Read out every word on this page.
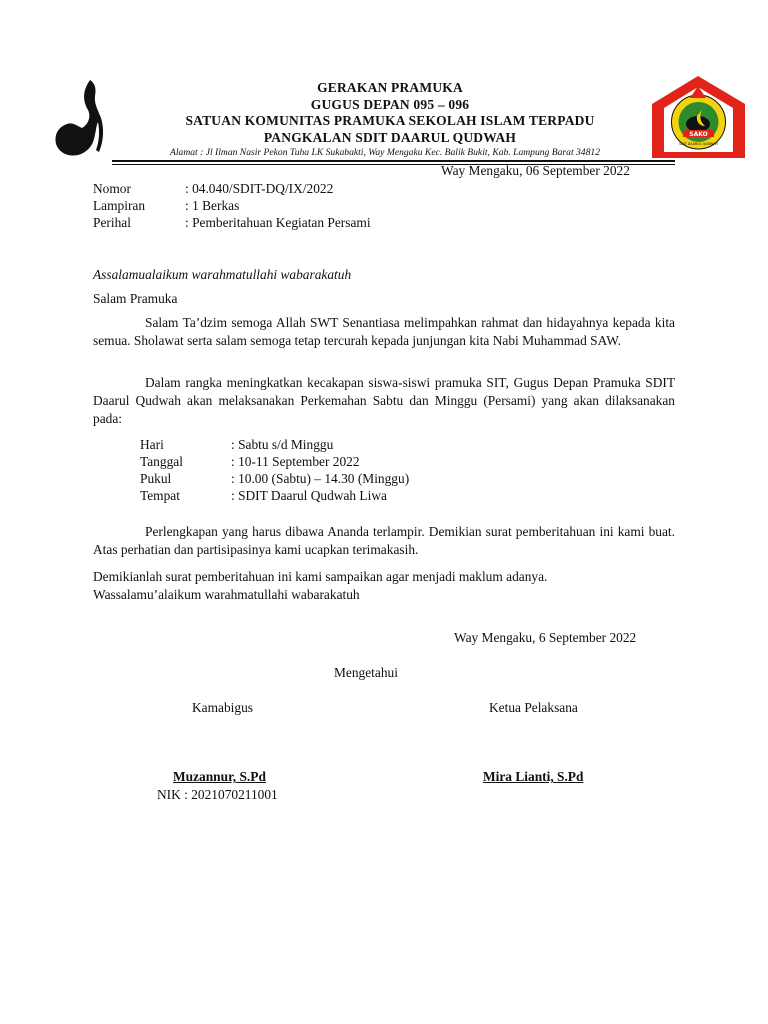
SAKO
SDIT DAARUL QUDWAH
GERAKAN PRAMUKA
GUGUS DEPAN 095 – 096
SATUAN KOMUNITAS PRAMUKA SEKOLAH ISLAM TERPADU
PANGKALAN SDIT DAARUL QUDWAH
Alamat : Jl Ilman Nasir Pekon Tuha LK Sukabakti, Way Mengaku Kec. Balik Bukit, Kab. Lampung Barat 34812
Way Mengaku, 06 September 2022
Nomor	: 04.040/SDIT-DQ/IX/2022
Lampiran	: 1 Berkas
Perihal	: Pemberitahuan Kegiatan Persami
Assalamualaikum warahmatullahi wabarakatuh
Salam Pramuka
Salam Ta’dzim semoga Allah SWT Senantiasa melimpahkan rahmat dan hidayahnya kepada kita semua. Sholawat serta salam semoga tetap tercurah kepada junjungan kita Nabi Muhammad SAW.
Dalam rangka meningkatkan kecakapan siswa-siswi pramuka SIT, Gugus Depan Pramuka SDIT Daarul Qudwah akan melaksanakan Perkemahan Sabtu dan Minggu (Persami) yang akan dilaksanakan pada:
Hari	: Sabtu s/d Minggu
Tanggal	: 10-11 September 2022
Pukul	: 10.00 (Sabtu) – 14.30 (Minggu)
Tempat	: SDIT Daarul Qudwah Liwa
Perlengkapan yang harus dibawa Ananda terlampir. Demikian surat pemberitahuan ini kami buat. Atas perhatian dan partisipasinya kami ucapkan terimakasih.
Demikianlah surat pemberitahuan ini kami sampaikan agar menjadi maklum adanya.
Wassalamu’alaikum warahmatullahi wabarakatuh
Way Mengaku, 6 September 2022
Mengetahui
Kamabigus	Ketua Pelaksana
Muzannur, S.Pd
NIK : 2021070211001
Mira Lianti, S.Pd
